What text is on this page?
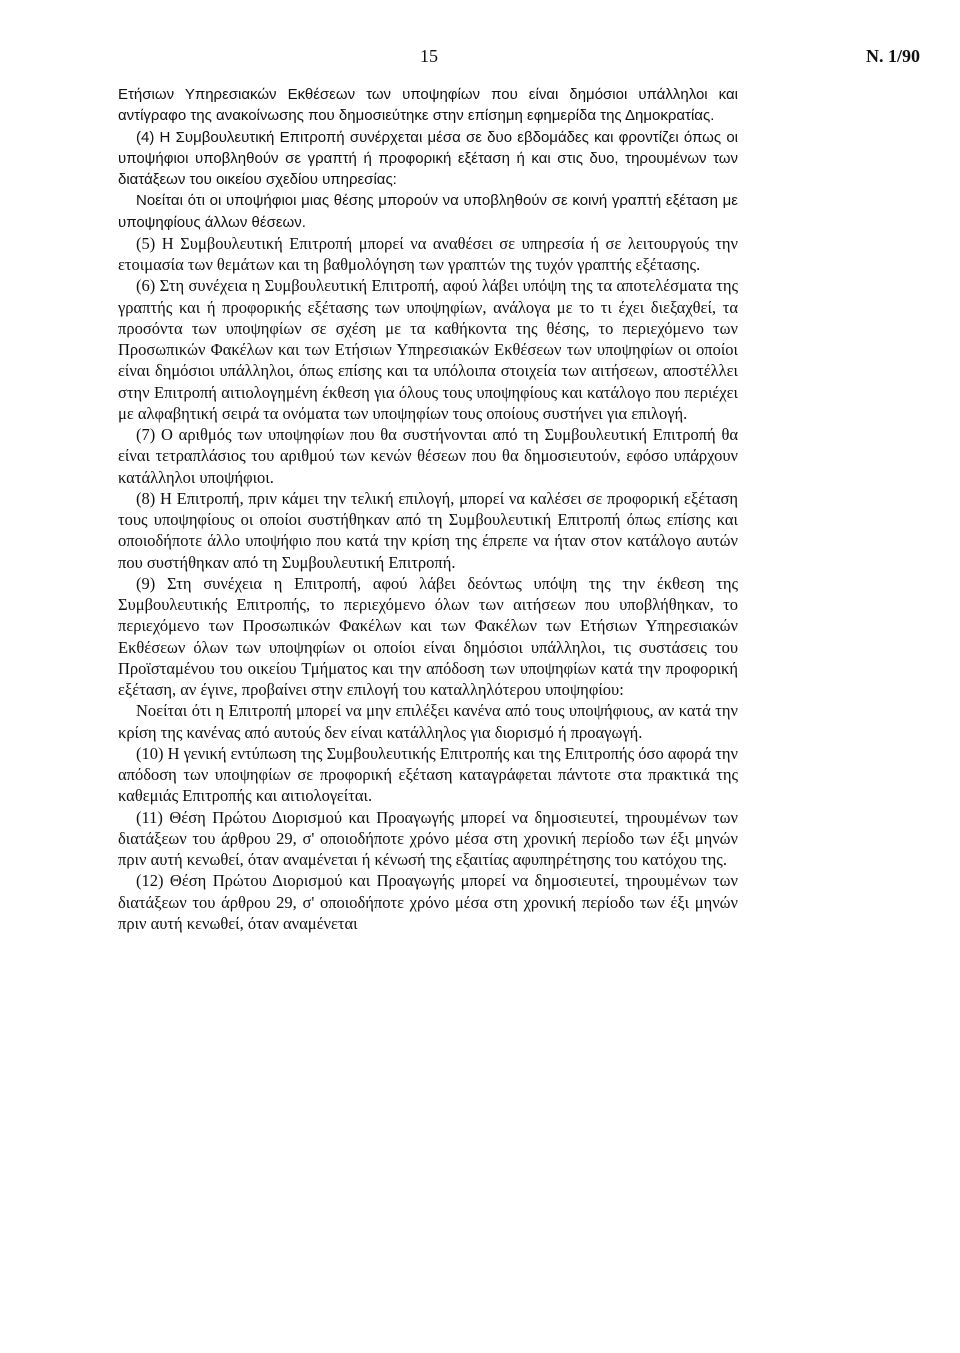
15	Ν. 1/90

Ετήσιων Υπηρεσιακών Εκθέσεων των υποψηφίων που είναι δημόσιοι υπάλληλοι και αντίγραφο της ανακοίνωσης που δημοσιεύτηκε στην επίσημη εφημερίδα της Δημοκρατίας.

(4) Η Συμβουλευτική Επιτροπή συνέρχεται μέσα σε δυο εβδομάδες και φροντίζει όπως οι υποψήφιοι υποβληθούν σε γραπτή ή προφορική εξέταση ή και στις δυο, τηρουμένων των διατάξεων του οικείου σχεδίου υπηρεσίας:

Νοείται ότι οι υποψήφιοι μιας θέσης μπορούν να υποβληθούν σε κοινή γραπτή εξέταση με υποψηφίους άλλων θέσεων.

(5) Η Συμβουλευτική Επιτροπή μπορεί να αναθέσει σε υπηρεσία ή σε λειτουργούς την ετοιμασία των θεμάτων και τη βαθμολόγηση των γραπτών της τυχόν γραπτής εξέτασης.

(6) Στη συνέχεια η Συμβουλευτική Επιτροπή, αφού λάβει υπόψη της τα αποτελέσματα της γραπτής και ή προφορικής εξέτασης των υποψηφίων, ανάλογα με το τι έχει διεξαχθεί, τα προσόντα των υποψηφίων σε σχέση με τα καθήκοντα της θέσης, το περιεχόμενο των Προσωπικών Φακέλων και των Ετήσιων Υπηρεσιακών Εκθέσεων των υποψηφίων οι οποίοι είναι δημόσιοι υπάλληλοι, όπως επίσης και τα υπόλοιπα στοιχεία των αιτήσεων, αποστέλλει στην Επιτροπή αιτιολογημένη έκθεση για όλους τους υποψηφίους και κατάλογο που περιέχει με αλφαβητική σειρά τα ονόματα των υποψηφίων τους οποίους συστήνει για επιλογή.

(7) Ο αριθμός των υποψηφίων που θα συστήνονται από τη Συμβουλευτική Επιτροπή θα είναι τετραπλάσιος του αριθμού των κενών θέσεων που θα δημοσιευτούν, εφόσο υπάρχουν κατάλληλοι υποψήφιοι.

(8) Η Επιτροπή, πριν κάμει την τελική επιλογή, μπορεί να καλέσει σε προφορική εξέταση τους υποψηφίους οι οποίοι συστήθηκαν από τη Συμβουλευτική Επιτροπή όπως επίσης και οποιοδήποτε άλλο υποψήφιο που κατά την κρίση της έπρεπε να ήταν στον κατάλογο αυτών που συστήθηκαν από τη Συμβουλευτική Επιτροπή.

(9) Στη συνέχεια η Επιτροπή, αφού λάβει δεόντως υπόψη της την έκθεση της Συμβουλευτικής Επιτροπής, το περιεχόμενο όλων των αιτήσεων που υποβλήθηκαν, το περιεχόμενο των Προσωπικών Φακέλων και των Φακέλων των Ετήσιων Υπηρεσιακών Εκθέσεων όλων των υποψηφίων οι οποίοι είναι δημόσιοι υπάλληλοι, τις συστάσεις του Προϊσταμένου του οικείου Τμήματος και την απόδοση των υποψηφίων κατά την προφορική εξέταση, αν έγινε, προβαίνει στην επιλογή του καταλληλότερου υποψηφίου:

Νοείται ότι η Επιτροπή μπορεί να μην επιλέξει κανένα από τους υποψήφιους, αν κατά την κρίση της κανένας από αυτούς δεν είναι κατάλληλος για διορισμό ή προαγωγή.

(10) Η γενική εντύπωση της Συμβουλευτικής Επιτροπής και της Επιτροπής όσο αφορά την απόδοση των υποψηφίων σε προφορική εξέταση καταγράφεται πάντοτε στα πρακτικά της καθεμιάς Επιτροπής και αιτιολογείται.

(11) Θέση Πρώτου Διορισμού και Προαγωγής μπορεί να δημοσιευτεί, τηρουμένων των διατάξεων του άρθρου 29, σ' οποιοδήποτε χρόνο μέσα στη χρονική περίοδο των έξι μηνών πριν αυτή κενωθεί, όταν αναμένεται ή κένωσή της εξαιτίας αφυπηρέτησης του κατόχου της.

(12) Θέση Πρώτου Διορισμού και Προαγωγής μπορεί να δημοσιευτεί, τηρουμένων των διατάξεων του άρθρου 29, σ' οποιοδήποτε χρόνο μέσα στη χρονική περίοδο των έξι μηνών πριν αυτή κενωθεί, όταν αναμένεται
